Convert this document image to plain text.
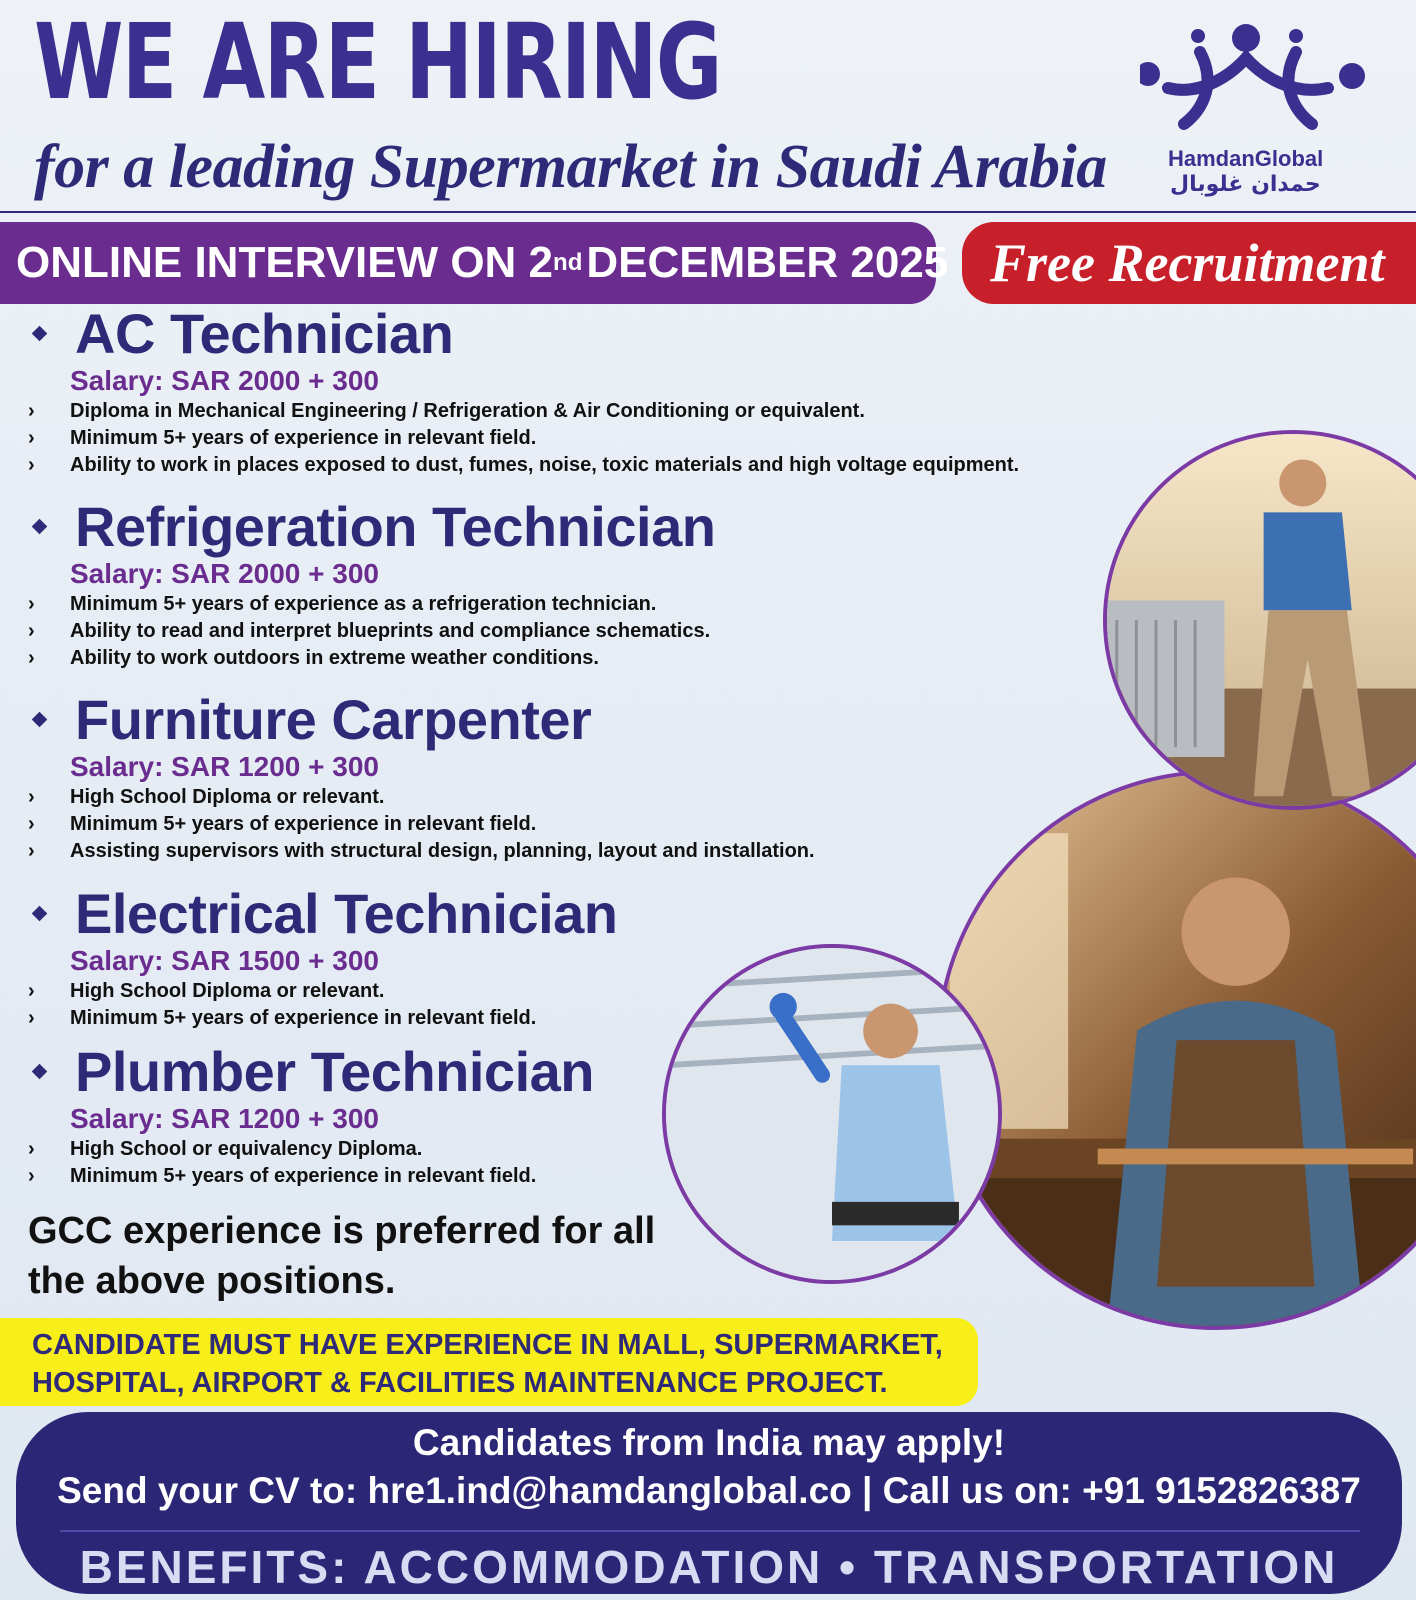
WE ARE HIRING
for a leading Supermarket in Saudi Arabia	HamdanGlobal
حمدان غلوبال
ONLINE INTERVIEW ON 2 nd DECEMBER 2025 Free Recruitment
AC Technician
Salary: SAR 2000 + 300
›	Diploma in Mechanical Engineering / Refrigeration & Air Conditioning or equivalent.
›	Minimum 5+ years of experience in relevant field.
›	Ability to work in places exposed to dust, fumes, noise, toxic materials and high voltage equipment.
Refrigeration Technician
Salary: SAR 2000 + 300
›	Minimum 5+ years of experience as a refrigeration technician.
›	Ability to read and interpret blueprints and compliance schematics.
›	Ability to work outdoors in extreme weather conditions.
Furniture Carpenter
Salary: SAR 1200 + 300
›	High School Diploma or relevant.
›	Minimum 5+ years of experience in relevant field.
›	Assisting supervisors with structural design, planning, layout and installation.
Electrical Technician
Salary: SAR 1500 + 300
›	High School Diploma or relevant.
›	Minimum 5+ years of experience in relevant field.
Plumber Technician
Salary: SAR 1200 + 300
›	High School or equivalency Diploma.
›	Minimum 5+ years of experience in relevant field.
GCC experience is preferred for all the above positions.
CANDIDATE MUST HAVE EXPERIENCE IN MALL, SUPERMARKET,
HOSPITAL, AIRPORT & FACILITIES MAINTENANCE PROJECT.
Candidates from India may apply!
Send your CV to: hre1.ind@hamdanglobal.co | Call us on: +91 9152826387
BENEFITS: ACCOMMODATION • TRANSPORTATION
